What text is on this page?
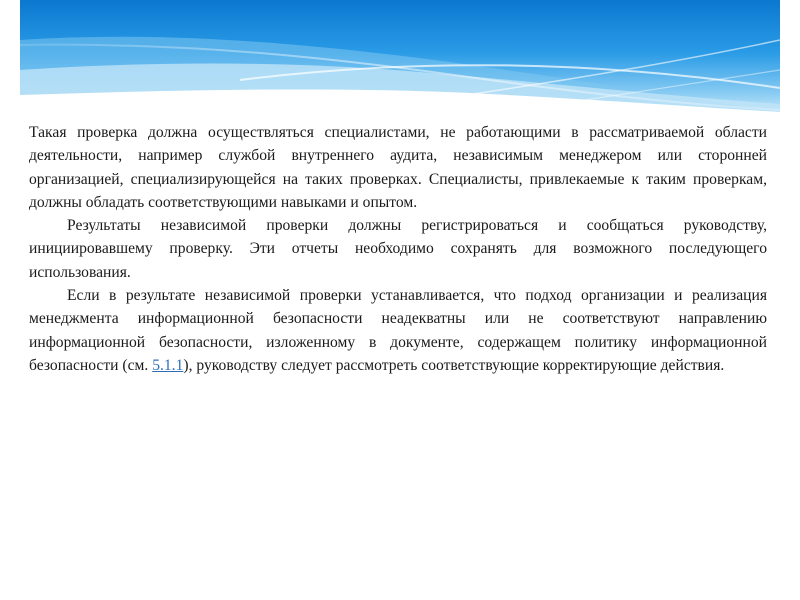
Такая проверка должна осуществляться специалистами, не работающими в рассматриваемой области деятельности, например службой внутреннего аудита, независимым менеджером или сторонней организацией, специализирующейся на таких проверках. Специалисты, привлекаемые к таким проверкам, должны обладать соответствующими навыками и опытом.

Результаты независимой проверки должны регистрироваться и сообщаться руководству, инициировавшему проверку. Эти отчеты необходимо сохранять для возможного последующего использования.

Если в результате независимой проверки устанавливается, что подход организации и реализация менеджмента информационной безопасности неадекватны или не соответствуют направлению информационной безопасности, изложенному в документе, содержащем политику информационной безопасности (см. 5.1.1), руководству следует рассмотреть соответствующие корректирующие действия.
